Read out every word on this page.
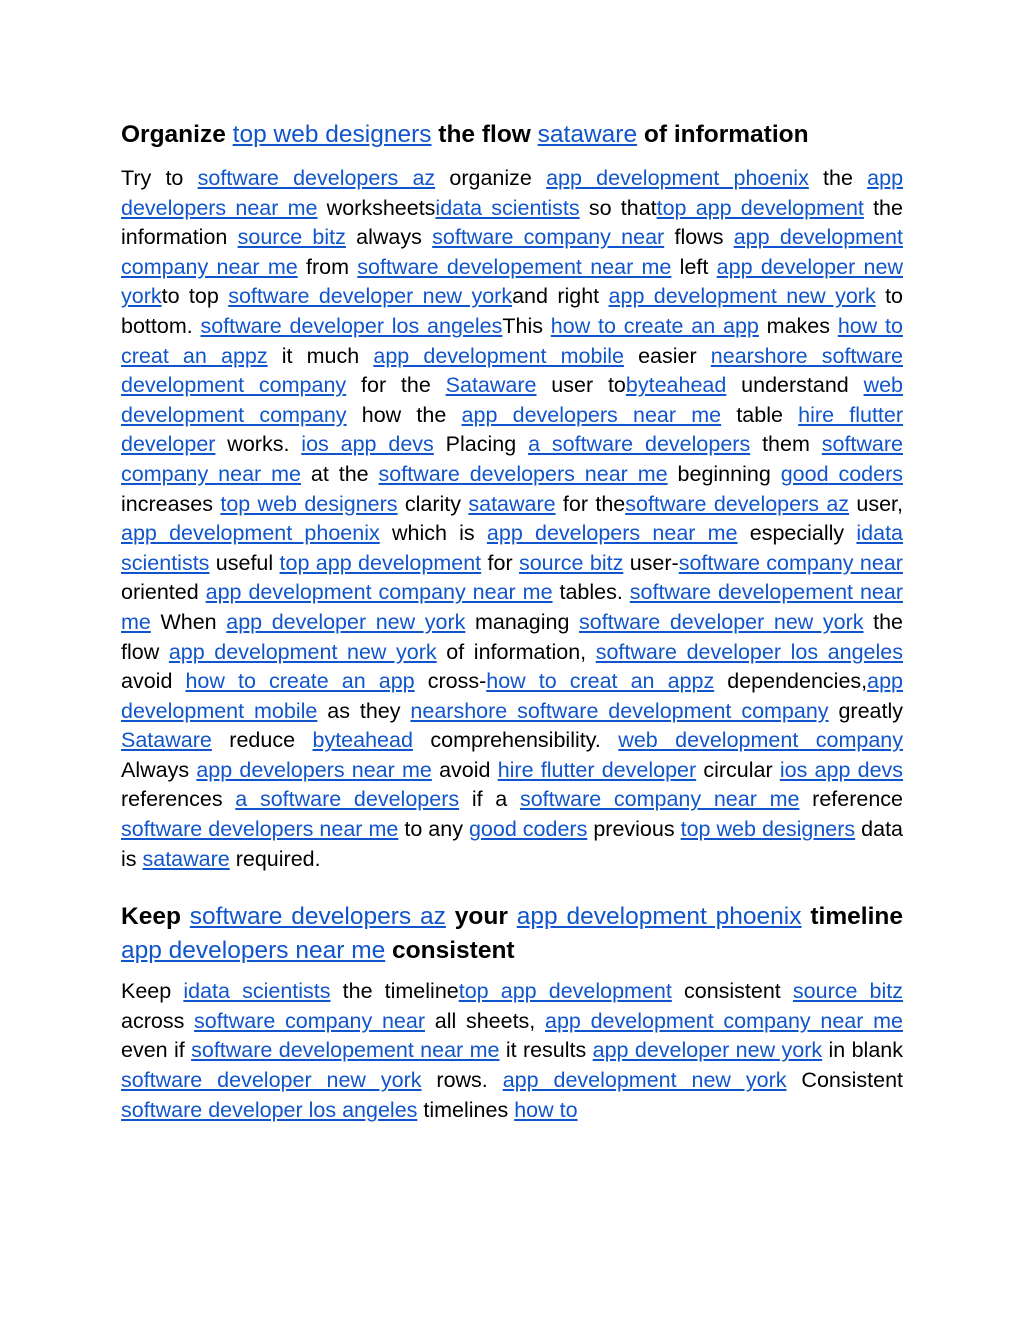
Organize top web designers the flow sataware of information

Try to software developers az organize app development phoenix the app developers near me worksheetsidata scientists so thattop app development the information source bitz always software company near flows app development company near me from software developement near me left app developer new yorkto top software developer new yorkand right app development new york to bottom. software developer los angelesThis how to create an app makes how to creat an appz it much app development mobile easier nearshore software development company for the Sataware user tobyteahead understand web development company how the app developers near me table hire flutter developer works. ios app devs Placing a software developers them software company near me at the software developers near me beginning good coders increases top web designers clarity sataware for thesoftware developers az user, app development phoenix which is app developers near me especially idata scientists useful top app development for source bitz user-software company near oriented app development company near me tables. software developement near me When app developer new york managing software developer new york the flow app development new york of information, software developer los angeles avoid how to create an app cross-how to creat an appz dependencies,app development mobile as they nearshore software development company greatly Sataware reduce byteahead comprehensibility. web development company Always app developers near me avoid hire flutter developer circular ios app devs references a software developers if a software company near me reference software developers near me to any good coders previous top web designers data is sataware required.

Keep software developers az your app development phoenix timeline app developers near me consistent

Keep idata scientists the timelinetop app development consistent source bitz across software company near all sheets, app development company near me even if software developement near me it results app developer new york in blank software developer new york rows. app development new york Consistent software developer los angeles timelines how to
